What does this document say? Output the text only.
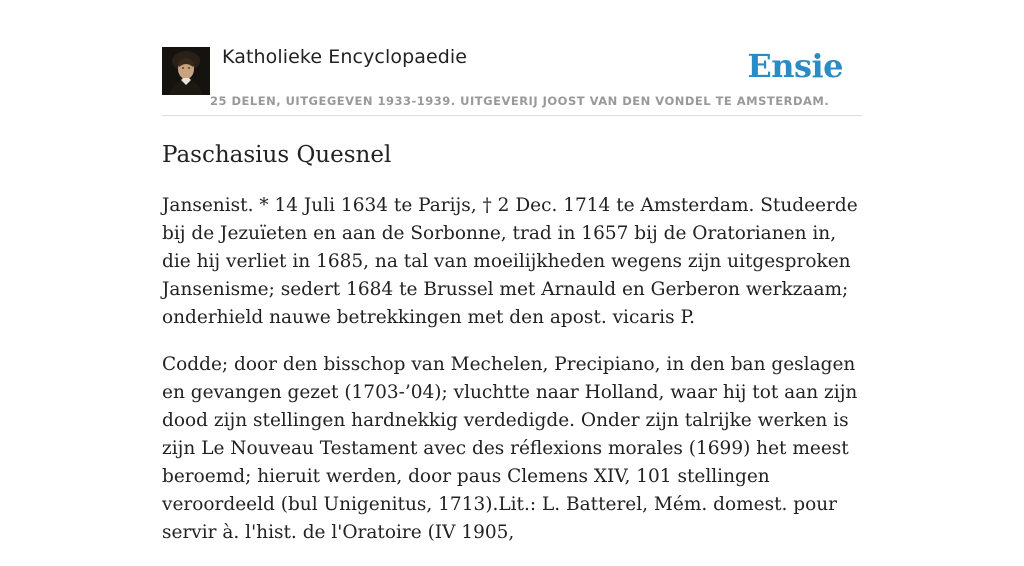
Katholieke Encyclopaedie
25 DELEN, UITGEGEVEN 1933-1939. UITGEVERIJ JOOST VAN DEN VONDEL TE AMSTERDAM.
Ensie
Paschasius Quesnel

Jansenist. * 14 Juli 1634 te Parijs, † 2 Dec. 1714 te Amsterdam. Studeerde bij de Jezuïeten en aan de Sorbonne, trad in 1657 bij de Oratorianen in, die hij verliet in 1685, na tal van moeilijkheden wegens zijn uitgesproken Jansenisme; sedert 1684 te Brussel met Arnauld en Gerberon werkzaam; onderhield nauwe betrekkingen met den apost. vicaris P.

Codde; door den bisschop van Mechelen, Precipiano, in den ban geslagen en gevangen gezet (1703-’04); vluchtte naar Holland, waar hij tot aan zijn dood zijn stellingen hardnekkig verdedigde. Onder zijn talrijke werken is zijn Le Nouveau Testament avec des réflexions morales (1699) het meest beroemd; hieruit werden, door paus Clemens XIV, 101 stellingen veroordeeld (bul Unigenitus, 1713).Lit.: L. Batterel, Mém. domest. pour servir à. l'hist. de l'Oratoire (IV 1905,
